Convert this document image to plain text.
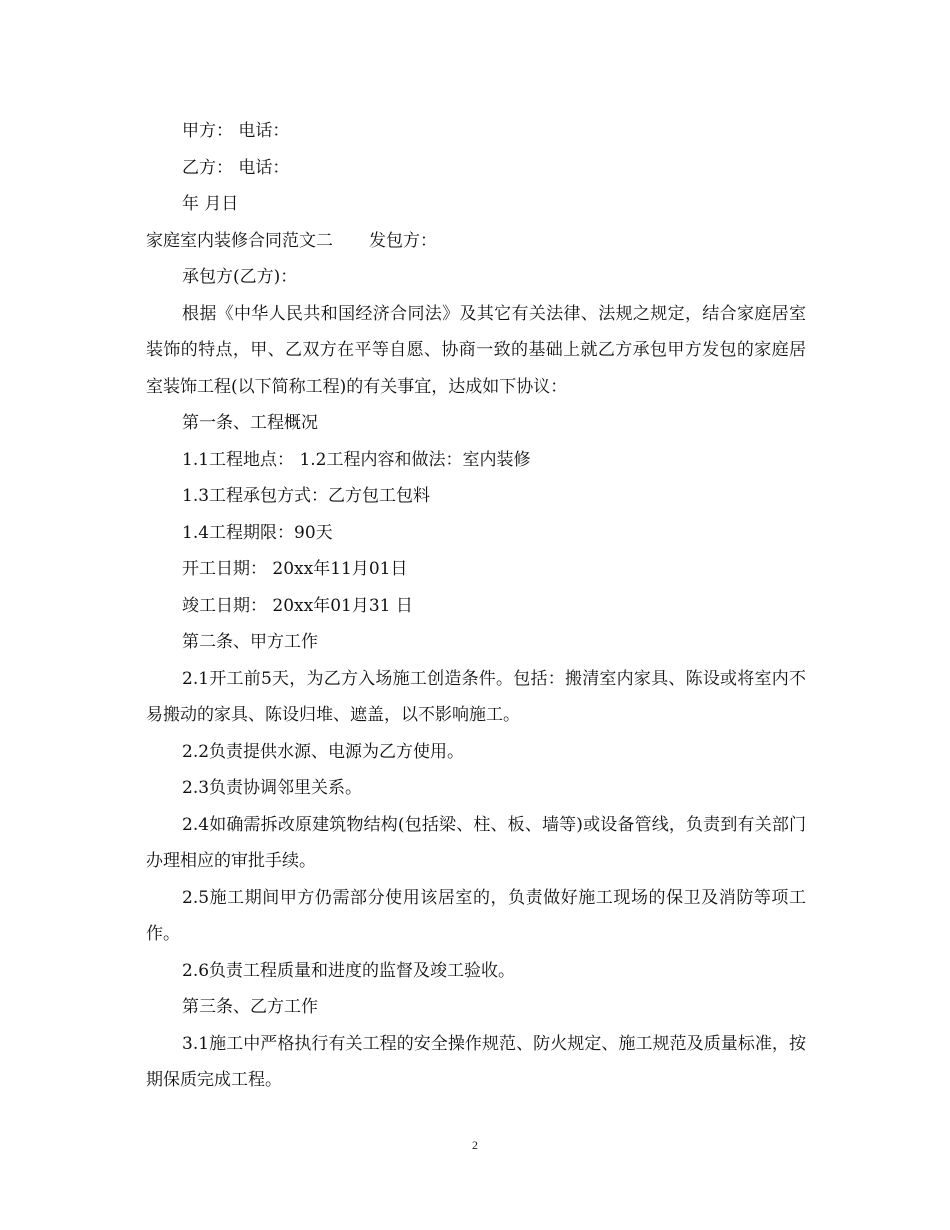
甲方： 电话：

乙方： 电话：

年 月日

家庭室内装修合同范文二 发包方：

承包方(乙方)：

根据《中华人民共和国经济合同法》及其它有关法律、法规之规定，结合家庭居室装饰的特点，甲、乙双方在平等自愿、协商一致的基础上就乙方承包甲方发包的家庭居室装饰工程(以下简称工程)的有关事宜，达成如下协议：

第一条、工程概况

1.1工程地点： 1.2工程内容和做法：室内装修

1.3工程承包方式：乙方包工包料

1.4工程期限：90天

开工日期： 20xx年11月01日

竣工日期： 20xx年01月31 日

第二条、甲方工作

2.1开工前5天，为乙方入场施工创造条件。包括：搬清室内家具、陈设或将室内不易搬动的家具、陈设归堆、遮盖，以不影响施工。

2.2负责提供水源、电源为乙方使用。

2.3负责协调邻里关系。

2.4如确需拆改原建筑物结构(包括梁、柱、板、墙等)或设备管线，负责到有关部门办理相应的审批手续。

2.5施工期间甲方仍需部分使用该居室的，负责做好施工现场的保卫及消防等项工作。

2.6负责工程质量和进度的监督及竣工验收。

第三条、乙方工作

3.1施工中严格执行有关工程的安全操作规范、防火规定、施工规范及质量标准，按期保质完成工程。

2
